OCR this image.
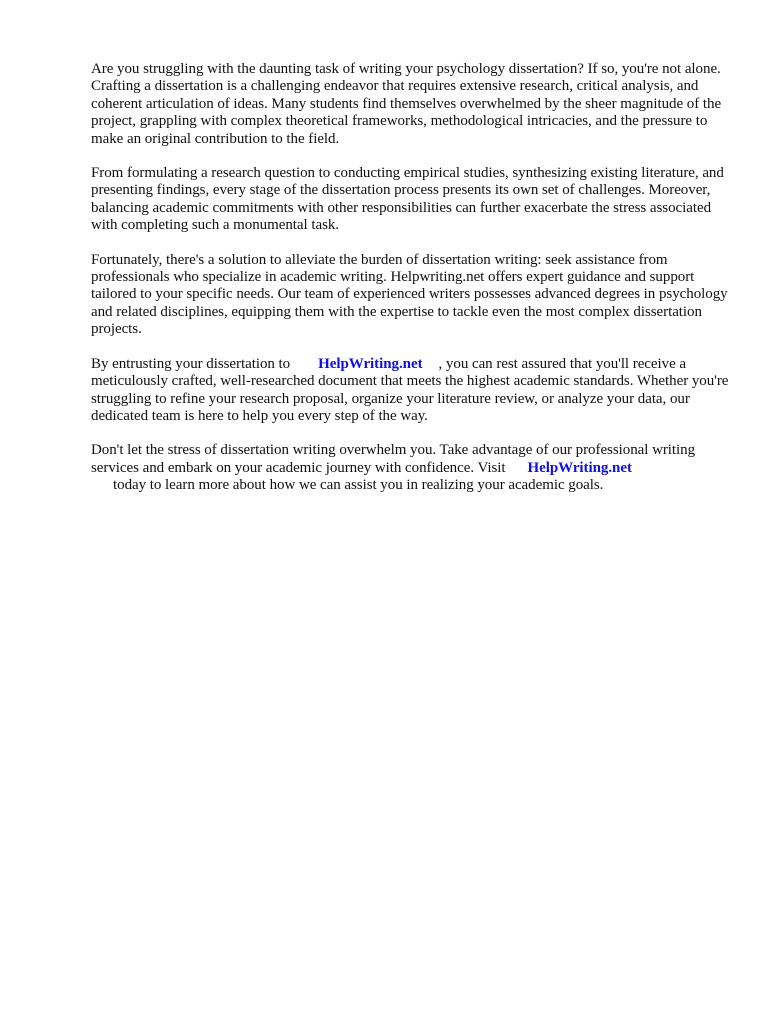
Are you struggling with the daunting task of writing your psychology dissertation? If so, you're not alone. Crafting a dissertation is a challenging endeavor that requires extensive research, critical analysis, and coherent articulation of ideas. Many students find themselves overwhelmed by the sheer magnitude of the project, grappling with complex theoretical frameworks, methodological intricacies, and the pressure to make an original contribution to the field.

From formulating a research question to conducting empirical studies, synthesizing existing literature, and presenting findings, every stage of the dissertation process presents its own set of challenges. Moreover, balancing academic commitments with other responsibilities can further exacerbate the stress associated with completing such a monumental task.

Fortunately, there's a solution to alleviate the burden of dissertation writing: seek assistance from professionals who specialize in academic writing. Helpwriting.net offers expert guidance and support tailored to your specific needs. Our team of experienced writers possesses advanced degrees in psychology and related disciplines, equipping them with the expertise to tackle even the most complex dissertation projects.

By entrusting your dissertation to HelpWriting.net , you can rest assured that you'll receive a meticulously crafted, well-researched document that meets the highest academic standards. Whether you're struggling to refine your research proposal, organize your literature review, or analyze your data, our dedicated team is here to help you every step of the way.

Don't let the stress of dissertation writing overwhelm you. Take advantage of our professional writing services and embark on your academic journey with confidence. Visit HelpWriting.net
today to learn more about how we can assist you in realizing your academic goals.
